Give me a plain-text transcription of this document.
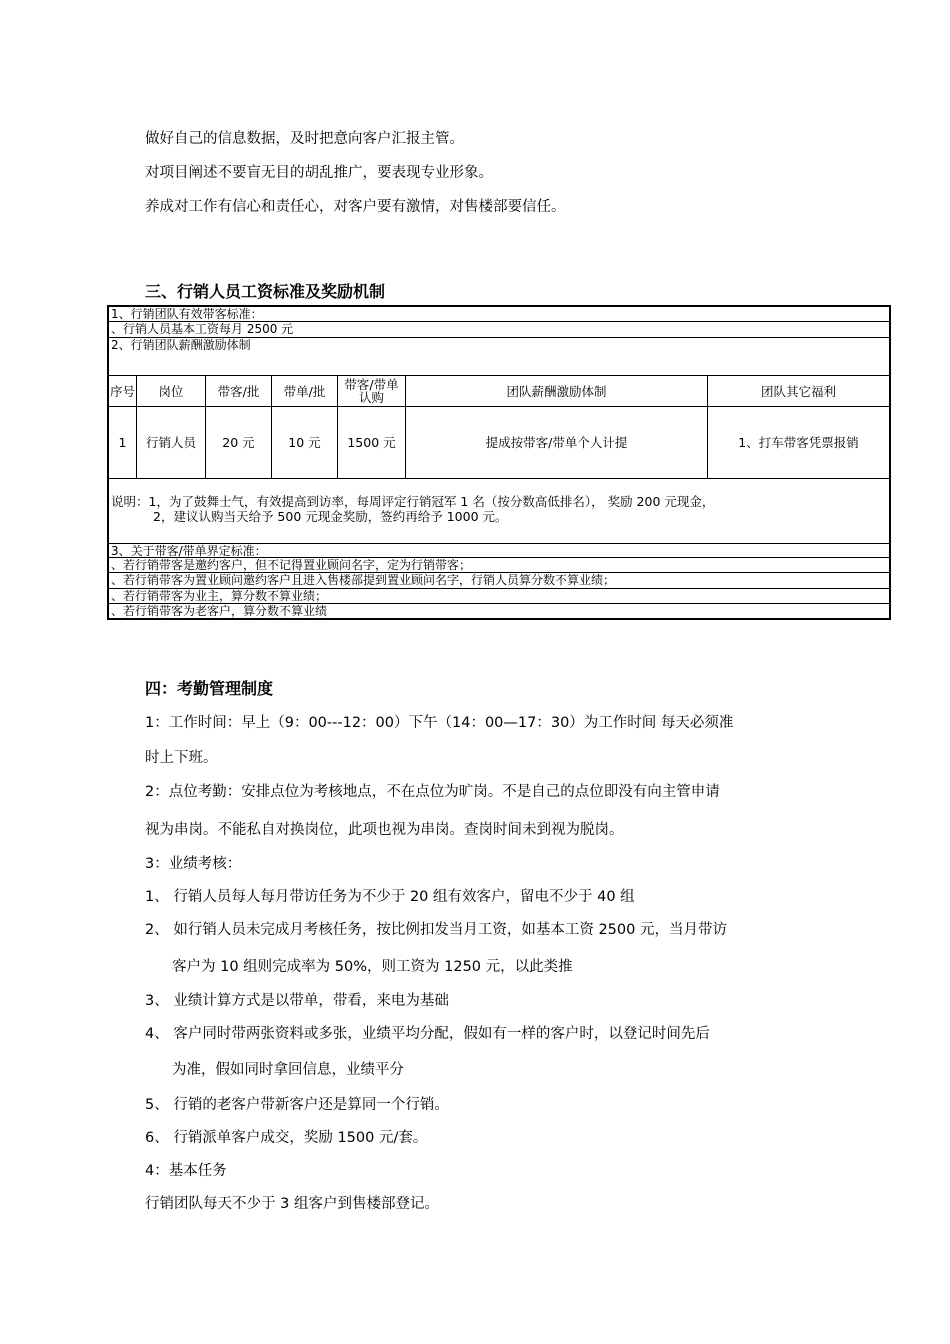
做好自己的信息数据，及时把意向客户汇报主管。
对项目阐述不要盲无目的胡乱推广，要表现专业形象。
养成对工作有信心和责任心，对客户要有激情，对售楼部要信任。
三、行销人员工资标准及奖励机制
1、行销团队有效带客标准：
、行销人员基本工资每月 2500 元
2、行销团队薪酬激励体制
序号	岗位	带客/批	带单/批	带客/带单认购	团队薪酬激励体制	团队其它福利
1	行销人员	20 元	10 元	1500 元	提成按带客/带单个人计提	1、打车带客凭票报销
说明：1，为了鼓舞士气，有效提高到访率，每周评定行销冠军 1 名（按分数高低排名）， 奖励 200 元现金，
2，建议认购当天给予 500 元现金奖励，签约再给予 1000 元。
3、关于带客/带单界定标准：
、若行销带客是邀约客户，但不记得置业顾问名字，定为行销带客；
、若行销带客为置业顾问邀约客户且进入售楼部提到置业顾问名字，行销人员算分数不算业绩；
、若行销带客为业主，算分数不算业绩；
、若行销带客为老客户，算分数不算业绩
四：考勤管理制度
1：工作时间：早上（9：00---12：00）下午（14：00—17：30）为工作时间 每天必须准
时上下班。
2：点位考勤：安排点位为考核地点，不在点位为旷岗。不是自己的点位即没有向主管申请
视为串岗。不能私自对换岗位，此项也视为串岗。查岗时间未到视为脱岗。
3：业绩考核：
1、 行销人员每人每月带访任务为不少于 20 组有效客户，留电不少于 40 组
2、 如行销人员未完成月考核任务，按比例扣发当月工资，如基本工资 2500 元，当月带访
客户为 10 组则完成率为 50%，则工资为 1250 元，以此类推
3、 业绩计算方式是以带单，带看，来电为基础
4、 客户同时带两张资料或多张，业绩平均分配，假如有一样的客户时，以登记时间先后
为准，假如同时拿回信息，业绩平分
5、 行销的老客户带新客户还是算同一个行销。
6、 行销派单客户成交，奖励 1500 元/套。
4：基本任务
行销团队每天不少于 3 组客户到售楼部登记。
